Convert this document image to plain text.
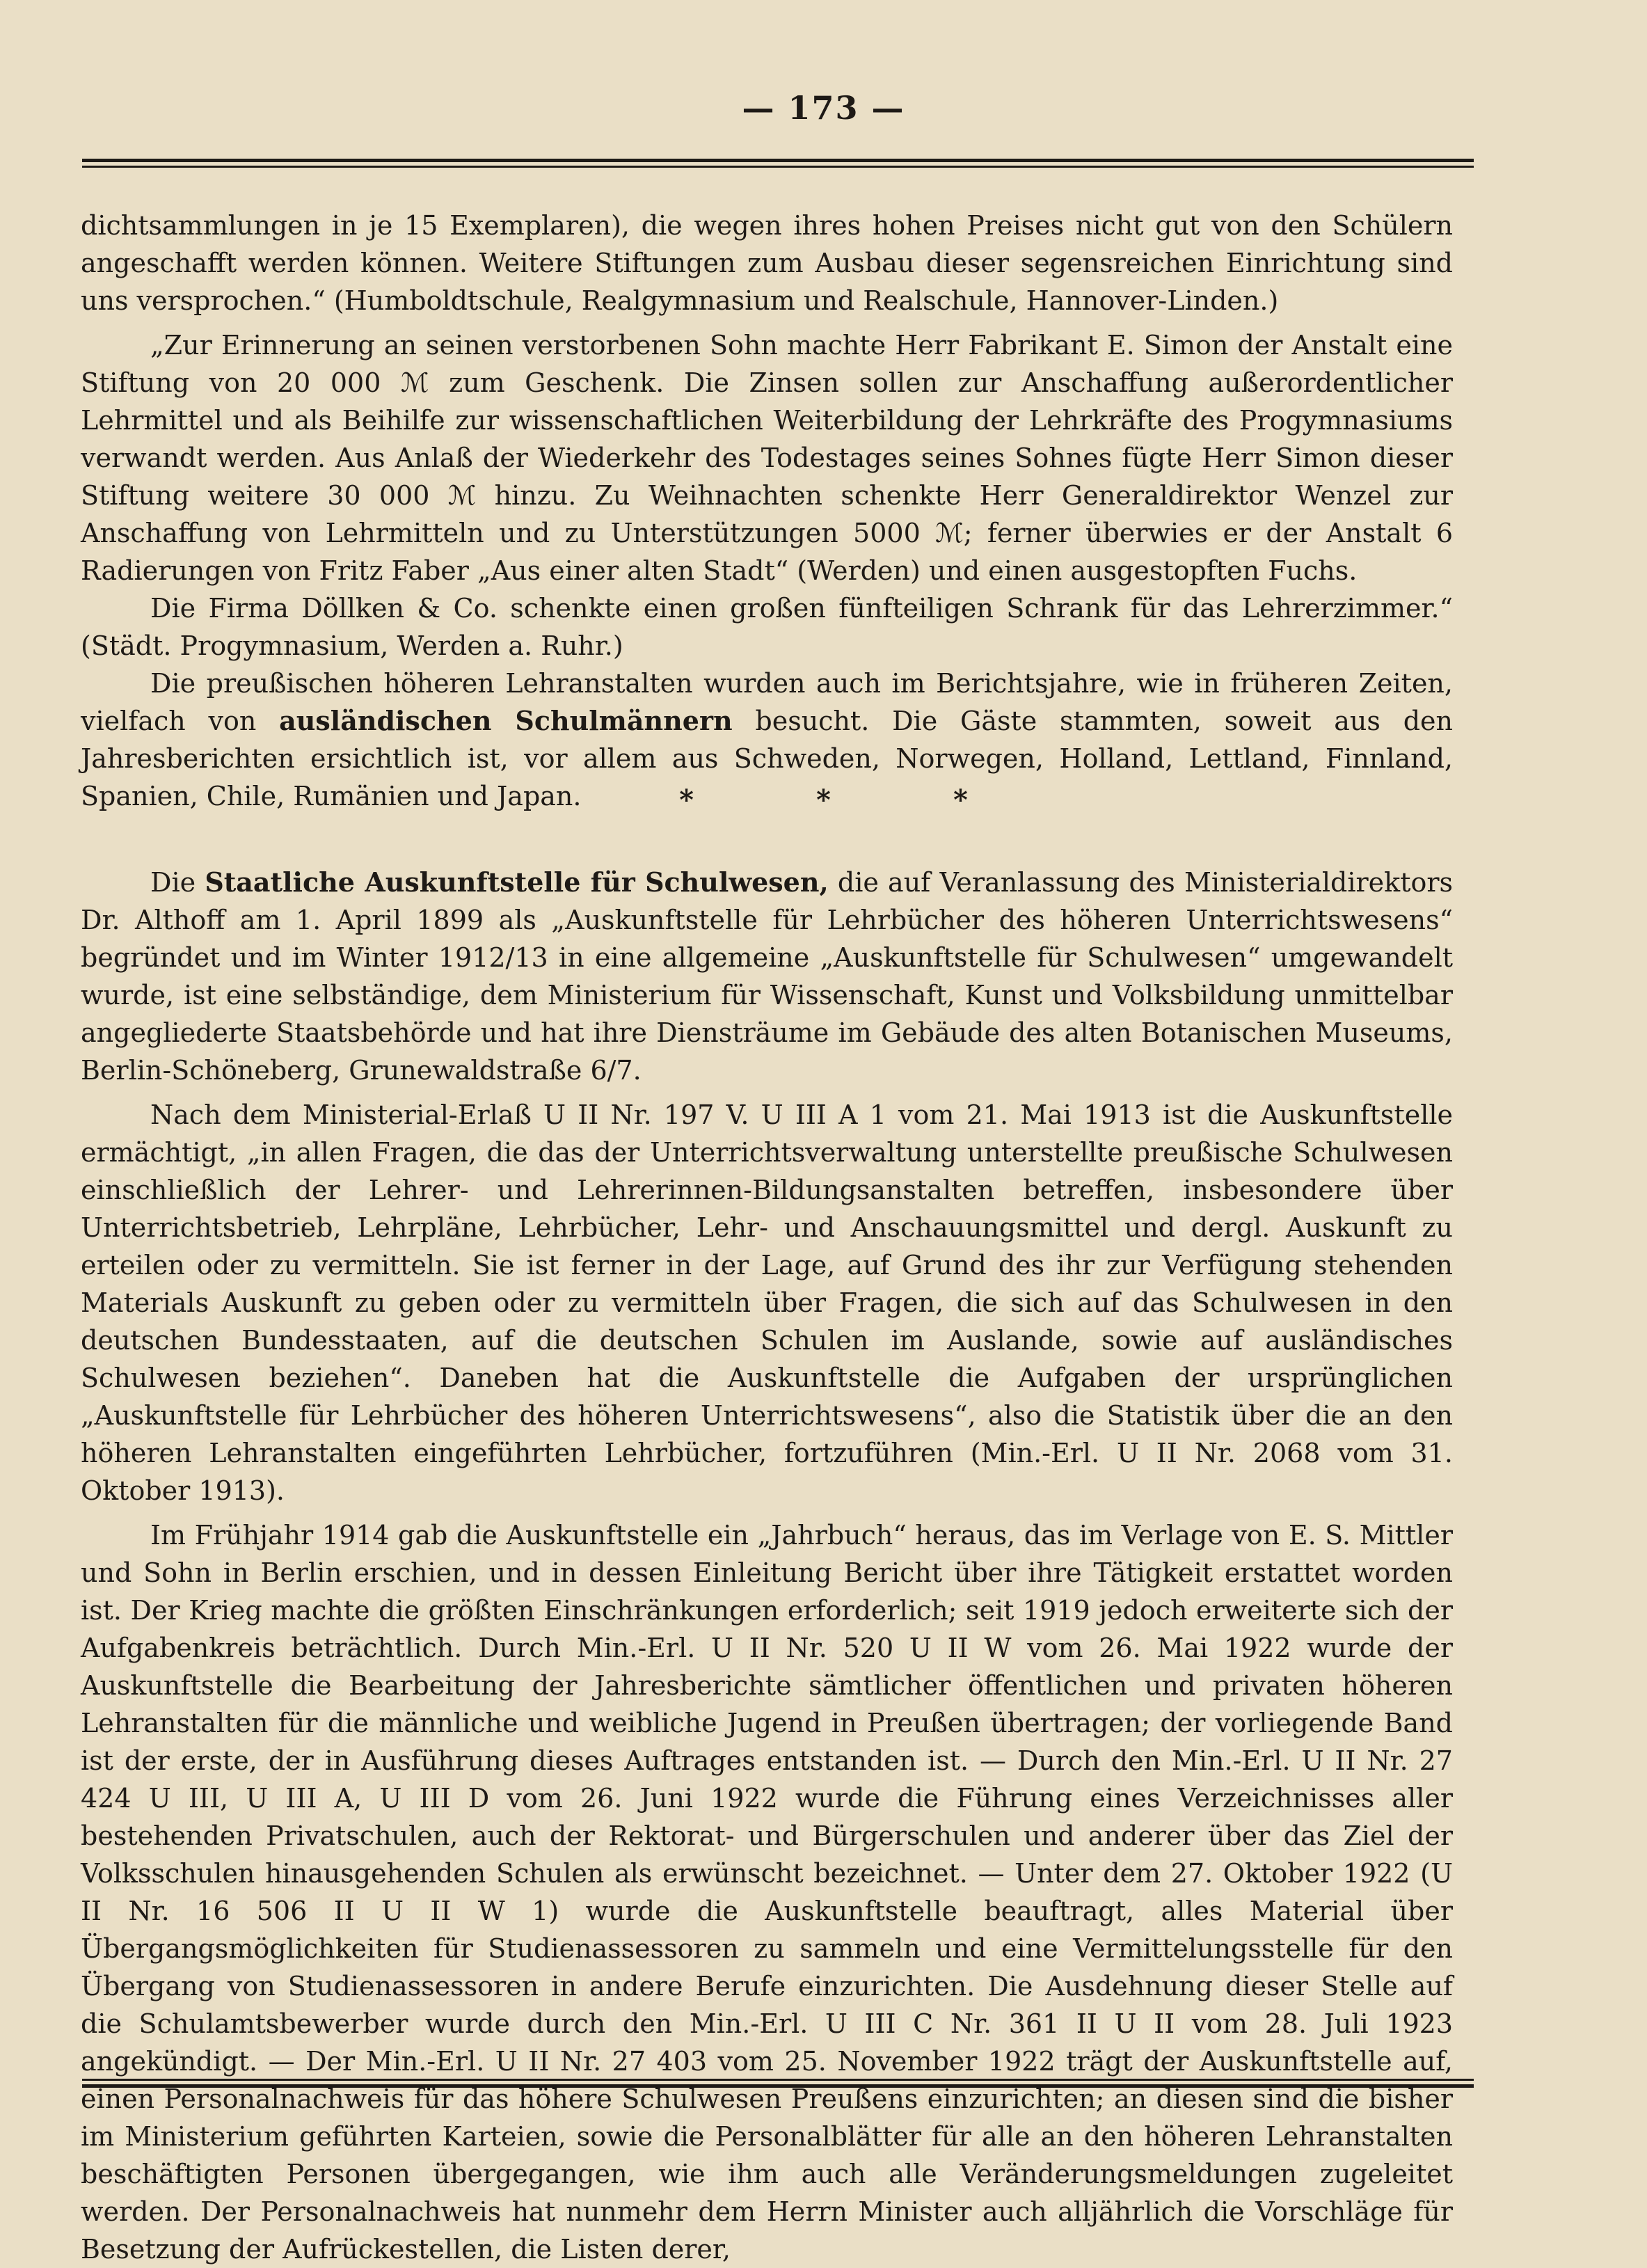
— 173 —

dichtsammlungen in je 15 Exemplaren), die wegen ihres hohen Preises nicht gut von den Schülern angeschafft werden können. Weitere Stiftungen zum Ausbau dieser segensreichen Einrichtung sind uns versprochen.“ (Humboldtschule, Realgymnasium und Realschule, Hannover-Linden.)

„Zur Erinnerung an seinen verstorbenen Sohn machte Herr Fabrikant E. Simon der Anstalt eine Stiftung von 20 000 ℳ zum Geschenk. Die Zinsen sollen zur Anschaffung außerordentlicher Lehrmittel und als Beihilfe zur wissenschaftlichen Weiterbildung der Lehrkräfte des Progymnasiums verwandt werden. Aus Anlaß der Wiederkehr des Todestages seines Sohnes fügte Herr Simon dieser Stiftung weitere 30 000 ℳ hinzu. Zu Weihnachten schenkte Herr Generaldirektor Wenzel zur Anschaffung von Lehrmitteln und zu Unterstützungen 5000 ℳ; ferner überwies er der Anstalt 6 Radierungen von Fritz Faber „Aus einer alten Stadt“ (Werden) und einen ausgestopften Fuchs.

Die Firma Döllken & Co. schenkte einen großen fünfteiligen Schrank für das Lehrerzimmer.“ (Städt. Progymnasium, Werden a. Ruhr.)

Die preußischen höheren Lehranstalten wurden auch im Berichtsjahre, wie in früheren Zeiten, vielfach von ausländischen Schulmännern besucht. Die Gäste stammten, soweit aus den Jahresberichten ersichtlich ist, vor allem aus Schweden, Norwegen, Holland, Lettland, Finnland, Spanien, Chile, Rumänien und Japan.	*	*	*

Die Staatliche Auskunftstelle für Schulwesen, die auf Veranlassung des Ministerialdirektors Dr. Althoff am 1. April 1899 als „Auskunftstelle für Lehrbücher des höheren Unterrichtswesens“ begründet und im Winter 1912/13 in eine allgemeine „Auskunftstelle für Schulwesen“ umgewandelt wurde, ist eine selbständige, dem Ministerium für Wissenschaft, Kunst und Volksbildung unmittelbar angegliederte Staatsbehörde und hat ihre Diensträume im Gebäude des alten Botanischen Museums, Berlin-Schöneberg, Grunewaldstraße 6/7.

Nach dem Ministerial-Erlaß U II Nr. 197 V. U III A 1 vom 21. Mai 1913 ist die Auskunftstelle ermächtigt, „in allen Fragen, die das der Unterrichtsverwaltung unterstellte preußische Schulwesen einschließlich der Lehrer- und Lehrerinnen-Bildungsanstalten betreffen, insbesondere über Unterrichtsbetrieb, Lehrpläne, Lehrbücher, Lehr- und Anschauungsmittel und dergl. Auskunft zu erteilen oder zu vermitteln. Sie ist ferner in der Lage, auf Grund des ihr zur Verfügung stehenden Materials Auskunft zu geben oder zu vermitteln über Fragen, die sich auf das Schulwesen in den deutschen Bundesstaaten, auf die deutschen Schulen im Auslande, sowie auf ausländisches Schulwesen beziehen“. Daneben hat die Auskunftstelle die Aufgaben der ursprünglichen „Auskunftstelle für Lehrbücher des höheren Unterrichtswesens“, also die Statistik über die an den höheren Lehranstalten eingeführten Lehrbücher, fortzuführen (Min.-Erl. U II Nr. 2068 vom 31. Oktober 1913).

Im Frühjahr 1914 gab die Auskunftstelle ein „Jahrbuch“ heraus, das im Verlage von E. S. Mittler und Sohn in Berlin erschien, und in dessen Einleitung Bericht über ihre Tätigkeit erstattet worden ist. Der Krieg machte die größten Einschränkungen erforderlich; seit 1919 jedoch erweiterte sich der Aufgabenkreis beträchtlich. Durch Min.-Erl. U II Nr. 520 U II W vom 26. Mai 1922 wurde der Auskunftstelle die Bearbeitung der Jahresberichte sämtlicher öffentlichen und privaten höheren Lehranstalten für die männliche und weibliche Jugend in Preußen übertragen; der vorliegende Band ist der erste, der in Ausführung dieses Auftrages entstanden ist. — Durch den Min.-Erl. U II Nr. 27 424 U III, U III A, U III D vom 26. Juni 1922 wurde die Führung eines Verzeichnisses aller bestehenden Privatschulen, auch der Rektorat- und Bürgerschulen und anderer über das Ziel der Volksschulen hinausgehenden Schulen als erwünscht bezeichnet. — Unter dem 27. Oktober 1922 (U II Nr. 16 506 II U II W 1) wurde die Auskunftstelle beauftragt, alles Material über Übergangsmöglichkeiten für Studienassessoren zu sammeln und eine Vermittelungsstelle für den Übergang von Studienassessoren in andere Berufe einzurichten. Die Ausdehnung dieser Stelle auf die Schulamtsbewerber wurde durch den Min.-Erl. U III C Nr. 361 II U II vom 28. Juli 1923 angekündigt. — Der Min.-Erl. U II Nr. 27 403 vom 25. November 1922 trägt der Auskunftstelle auf, einen Personalnachweis für das höhere Schulwesen Preußens einzurichten; an diesen sind die bisher im Ministerium geführten Karteien, sowie die Personalblätter für alle an den höheren Lehranstalten beschäftigten Personen übergegangen, wie ihm auch alle Veränderungsmeldungen zugeleitet werden. Der Personalnachweis hat nunmehr dem Herrn Minister auch alljährlich die Vorschläge für Besetzung der Aufrückestellen, die Listen derer,
